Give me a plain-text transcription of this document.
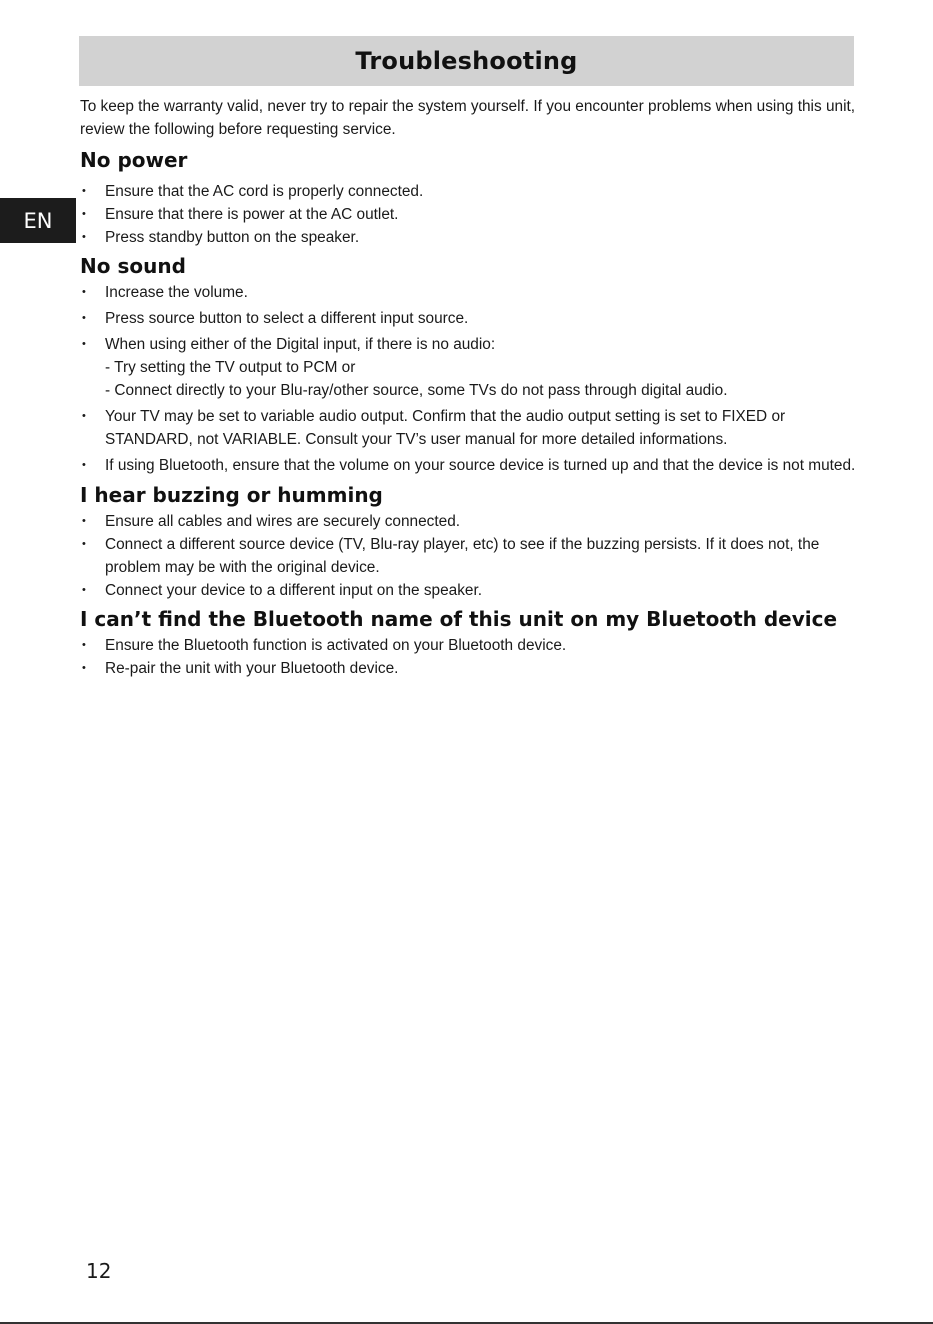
Troubleshooting
EN

To keep the warranty valid, never try to repair the system yourself. If you encounter problems when using this unit, review the following before requesting service.

No power
• Ensure that the AC cord is properly connected.
• Ensure that there is power at the AC outlet.
• Press standby button on the speaker.
No sound
• Increase the volume.
• Press source button to select a different input source.
• When using either of the Digital input, if there is no audio:
- Try setting the TV output to PCM or
- Connect directly to your Blu-ray/other source, some TVs do not pass through digital audio.
• Your TV may be set to variable audio output. Confirm that the audio output setting is set to FIXED or STANDARD, not VARIABLE. Consult your TV’s user manual for more detailed informations.
• If using Bluetooth, ensure that the volume on your source device is turned up and that the device is not muted.
I hear buzzing or humming
• Ensure all cables and wires are securely connected.
• Connect a different source device (TV, Blu-ray player, etc) to see if the buzzing persists. If it does not, the problem may be with the original device.
• Connect your device to a different input on the speaker.
I can’t find the Bluetooth name of this unit on my Bluetooth device
• Ensure the Bluetooth function is activated on your Bluetooth device.
• Re-pair the unit with your Bluetooth device.
12
